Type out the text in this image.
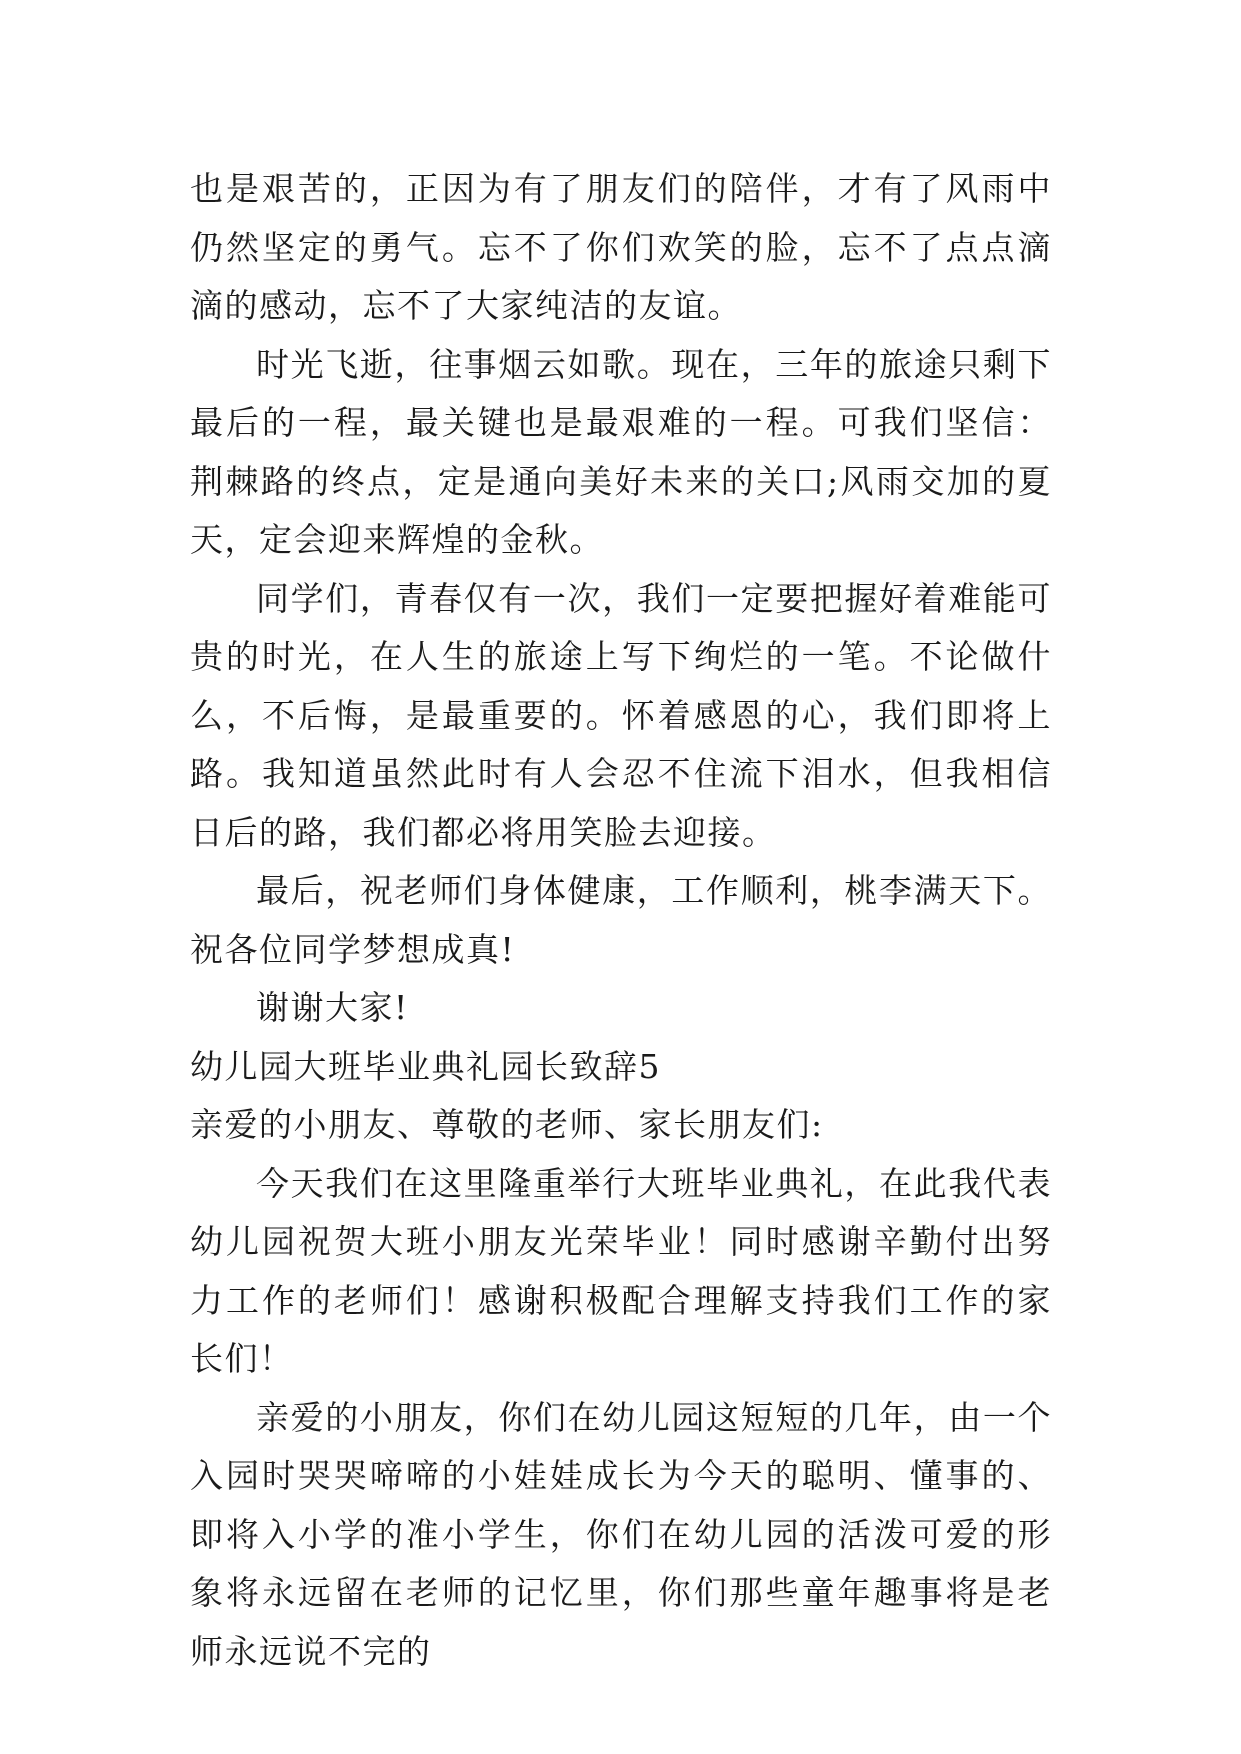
也是艰苦的，正因为有了朋友们的陪伴，才有了风雨中仍然坚定的勇气。忘不了你们欢笑的脸，忘不了点点滴滴的感动，忘不了大家纯洁的友谊。

时光飞逝，往事烟云如歌。现在，三年的旅途只剩下最后的一程，最关键也是最艰难的一程。可我们坚信：荆棘路的终点，定是通向美好未来的关口;风雨交加的夏天，定会迎来辉煌的金秋。

同学们，青春仅有一次，我们一定要把握好着难能可贵的时光，在人生的旅途上写下绚烂的一笔。不论做什么，不后悔，是最重要的。怀着感恩的心，我们即将上路。我知道虽然此时有人会忍不住流下泪水，但我相信日后的路，我们都必将用笑脸去迎接。

最后，祝老师们身体健康，工作顺利，桃李满天下。祝各位同学梦想成真!

谢谢大家!

幼儿园大班毕业典礼园长致辞5

亲爱的小朋友、尊敬的老师、家长朋友们:

今天我们在这里隆重举行大班毕业典礼，在此我代表幼儿园祝贺大班小朋友光荣毕业！同时感谢辛勤付出努力工作的老师们！感谢积极配合理解支持我们工作的家长们！

亲爱的小朋友，你们在幼儿园这短短的几年，由一个入园时哭哭啼啼的小娃娃成长为今天的聪明、懂事的、即将入小学的准小学生，你们在幼儿园的活泼可爱的形象将永远留在老师的记忆里，你们那些童年趣事将是老师永远说不完的
